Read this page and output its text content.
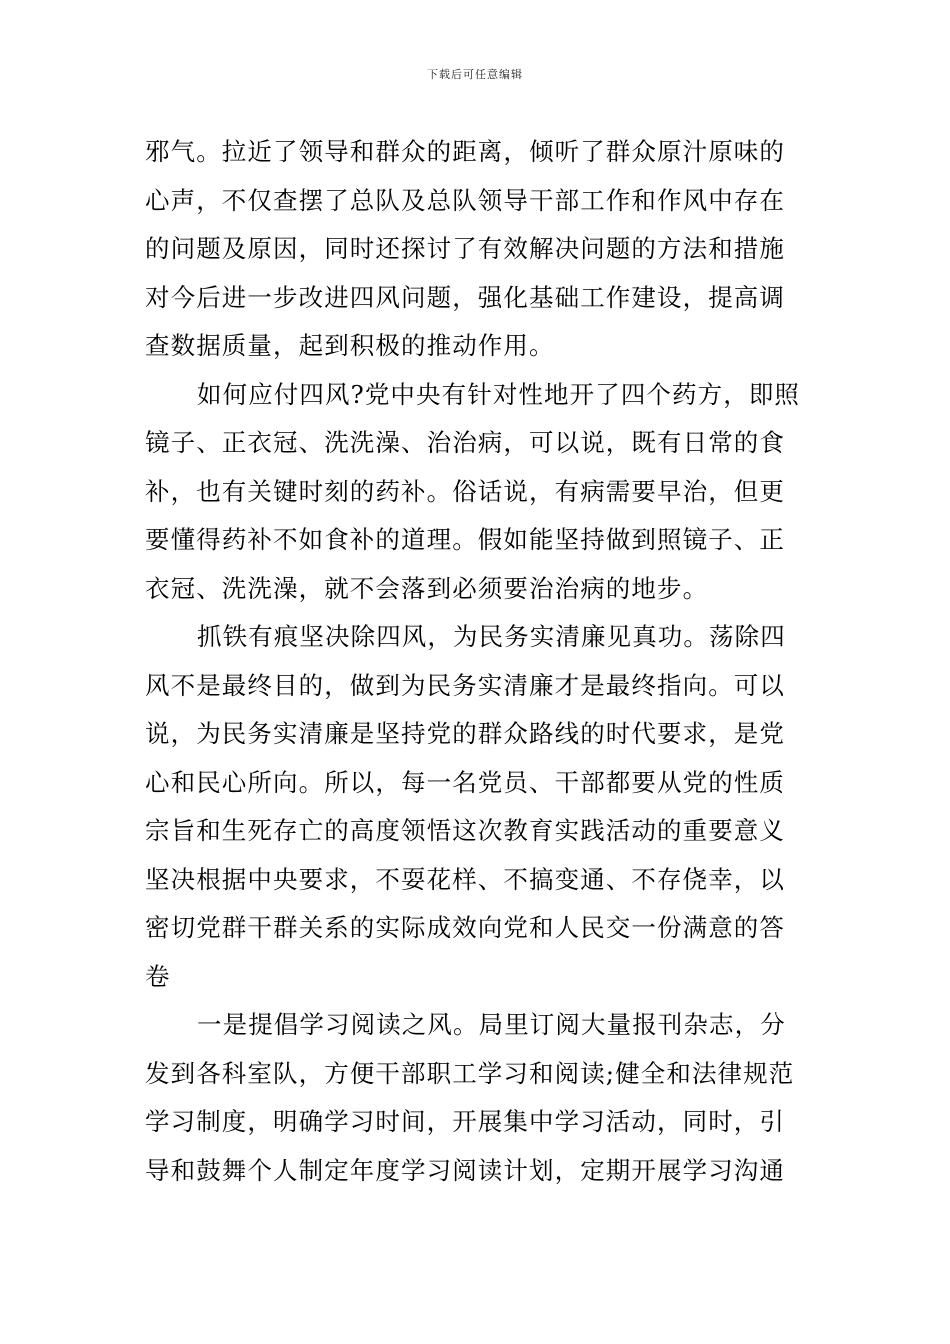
下载后可任意编辑
邪气。拉近了领导和群众的距离，倾听了群众原汁原味的
心声，不仅查摆了总队及总队领导干部工作和作风中存在
的问题及原因，同时还探讨了有效解决问题的方法和措施
对今后进一步改进四风问题，强化基础工作建设，提高调
查数据质量，起到积极的推动作用。
如何应付四风?党中央有针对性地开了四个药方，即照
镜子、正衣冠、洗洗澡、治治病，可以说，既有日常的食
补，也有关键时刻的药补。俗话说，有病需要早治，但更
要懂得药补不如食补的道理。假如能坚持做到照镜子、正
衣冠、洗洗澡，就不会落到必须要治治病的地步。
抓铁有痕坚决除四风，为民务实清廉见真功。荡除四
风不是最终目的，做到为民务实清廉才是最终指向。可以
说，为民务实清廉是坚持党的群众路线的时代要求，是党
心和民心所向。所以，每一名党员、干部都要从党的性质
宗旨和生死存亡的高度领悟这次教育实践活动的重要意义
坚决根据中央要求，不耍花样、不搞变通、不存侥幸，以
密切党群干群关系的实际成效向党和人民交一份满意的答
卷
一是提倡学习阅读之风。局里订阅大量报刊杂志，分
发到各科室队，方便干部职工学习和阅读;健全和法律规范
学习制度，明确学习时间，开展集中学习活动，同时，引
导和鼓舞个人制定年度学习阅读计划，定期开展学习沟通
